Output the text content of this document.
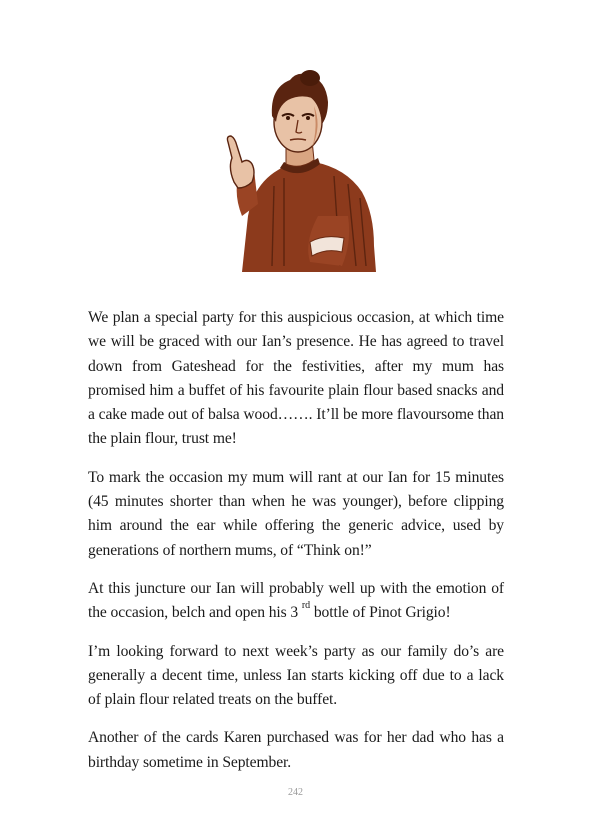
We plan a special party for this auspicious occasion, at which time we will be graced with our Ian’s presence. He has agreed to travel down from Gateshead for the festivities, after my mum has promised him a buffet of his favourite plain flour based snacks and a cake made out of balsa wood……. It’ll be more flavoursome than the plain flour, trust me!

To mark the occasion my mum will rant at our Ian for 15 minutes (45 minutes shorter than when he was younger), before clipping him around the ear while offering the generic advice, used by generations of northern mums, of “Think on!”

At this juncture our Ian will probably well up with the emotion of the occasion, belch and open his 3 $^{rd}$ bottle of Pinot Grigio!

I’m looking forward to next week’s party as our family do’s are generally a decent time, unless Ian starts kicking off due to a lack of plain flour related treats on the buffet.

Another of the cards Karen purchased was for her dad who has a birthday sometime in September.

242
